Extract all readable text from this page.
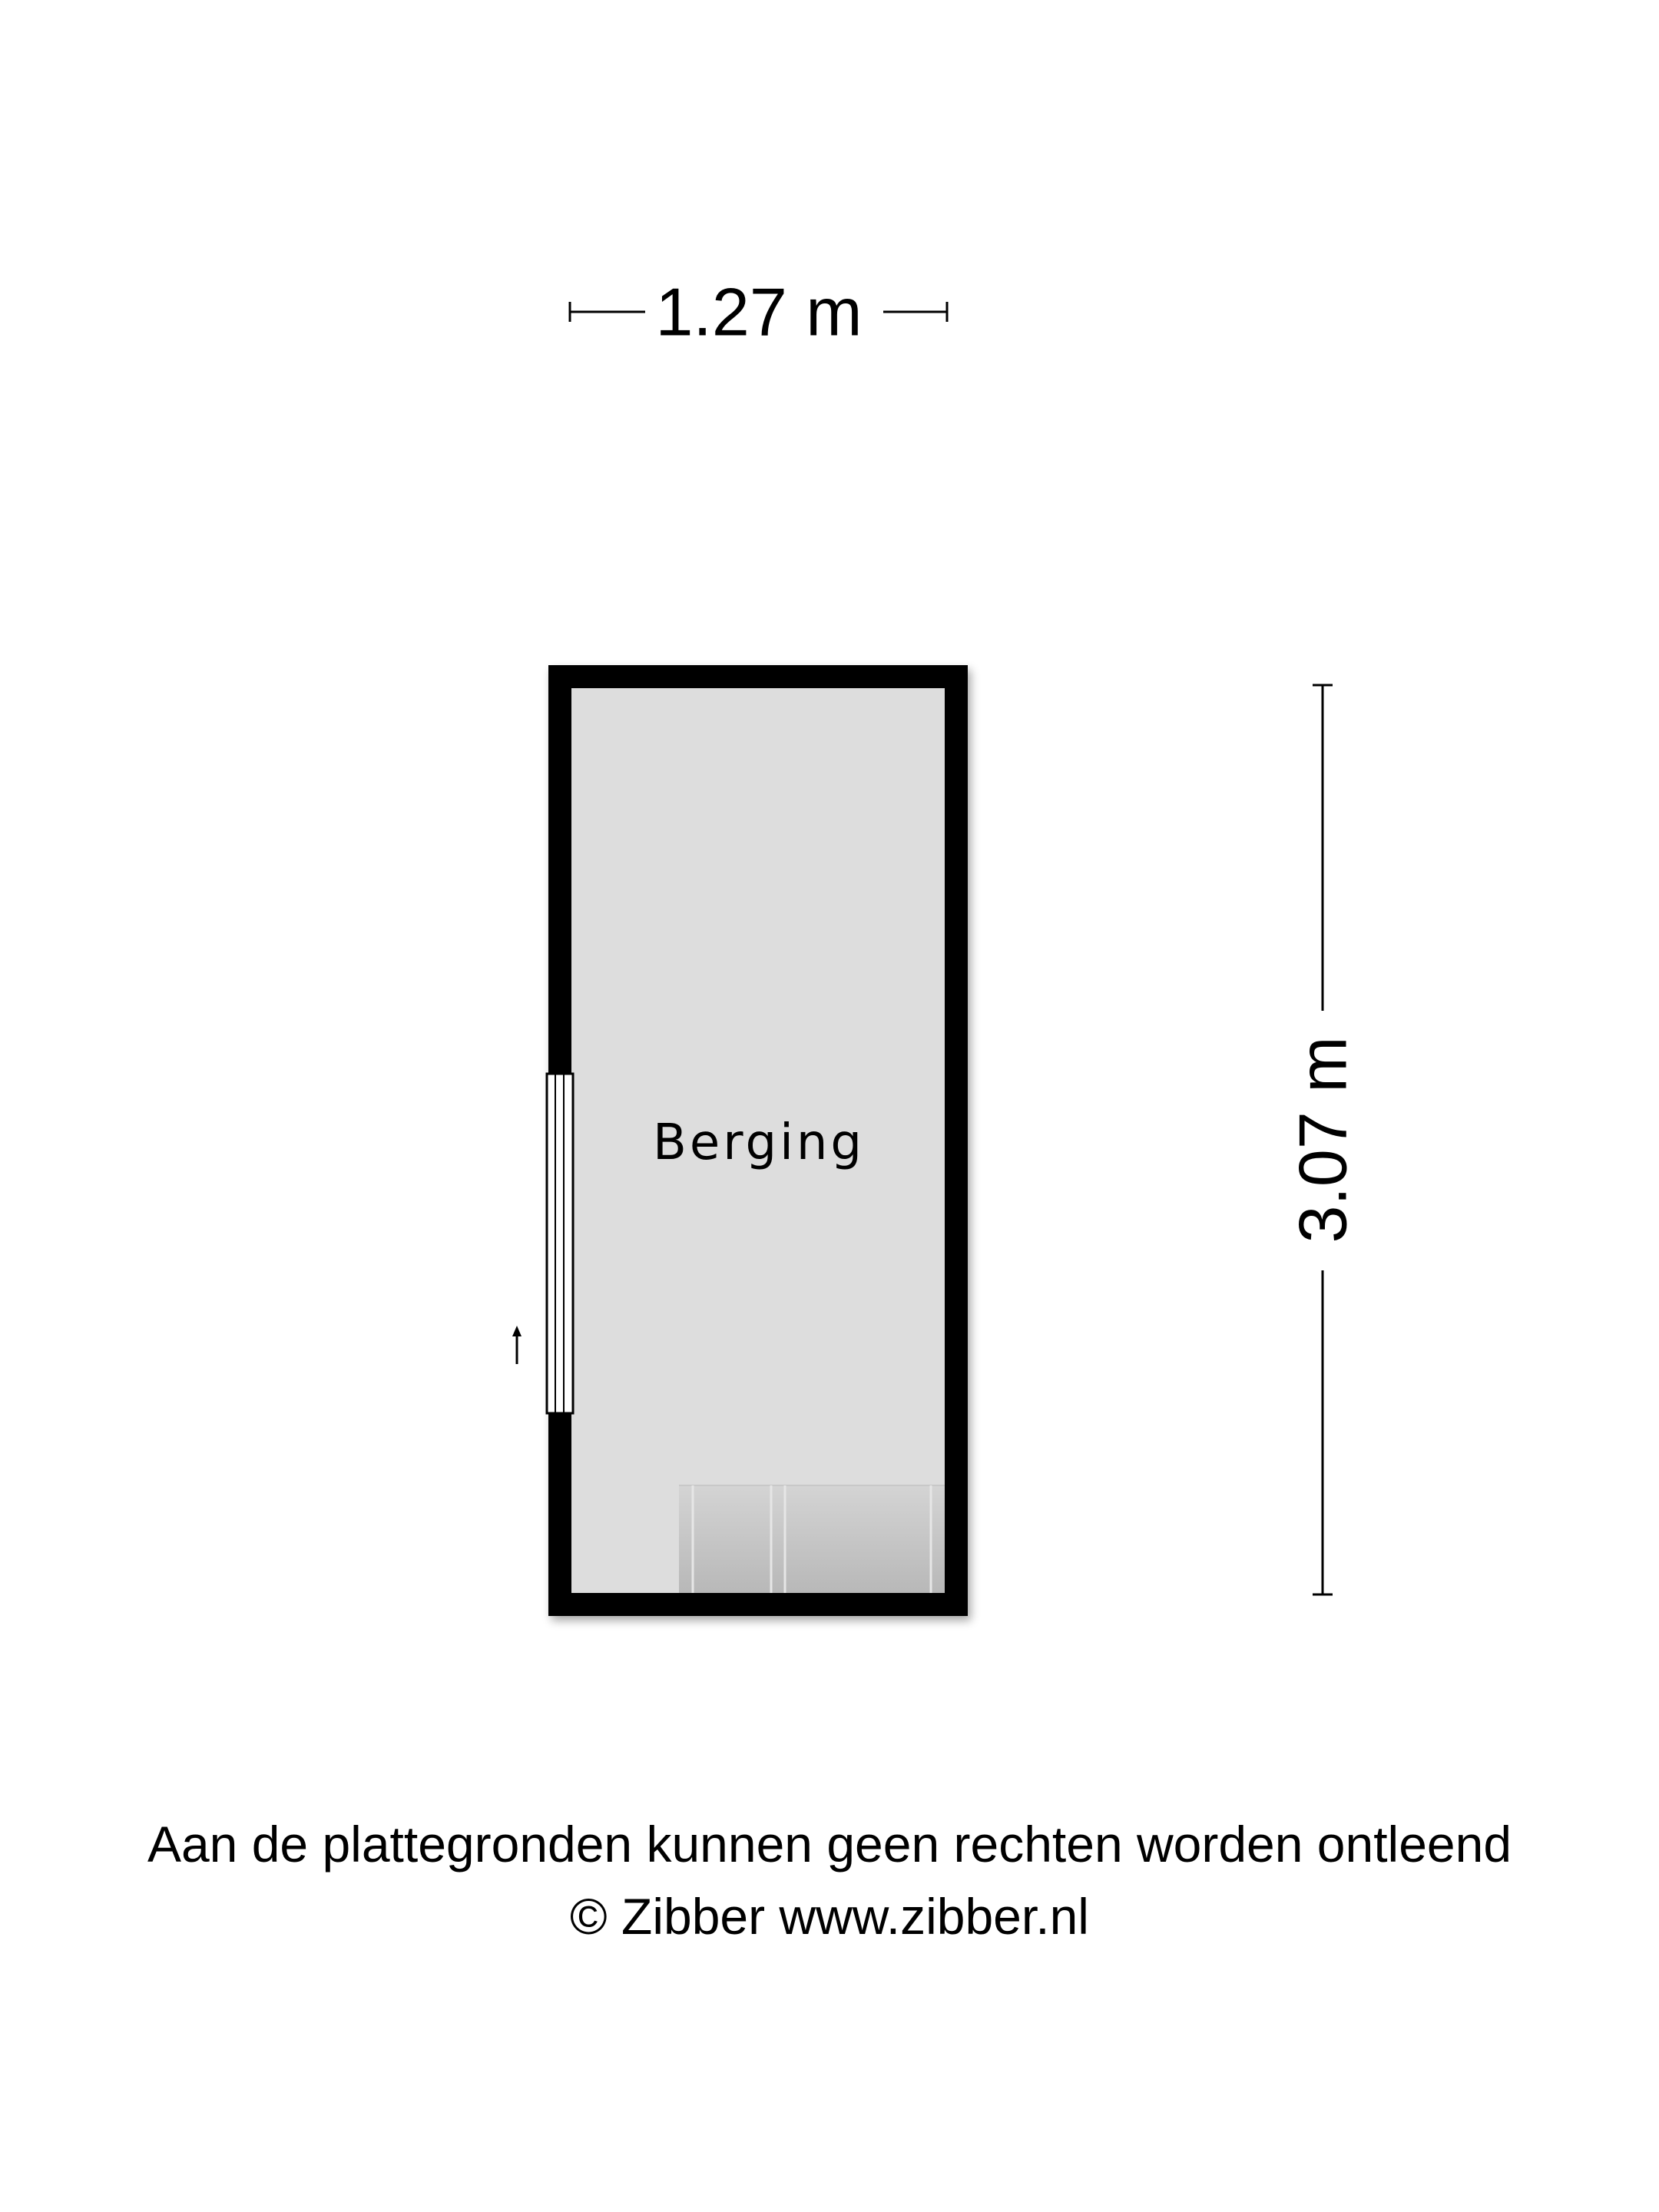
1.27 m
Berging	3.07 m
Aan de plattegronden kunnen geen rechten worden ontleend
© Zibber www.zibber.nl
